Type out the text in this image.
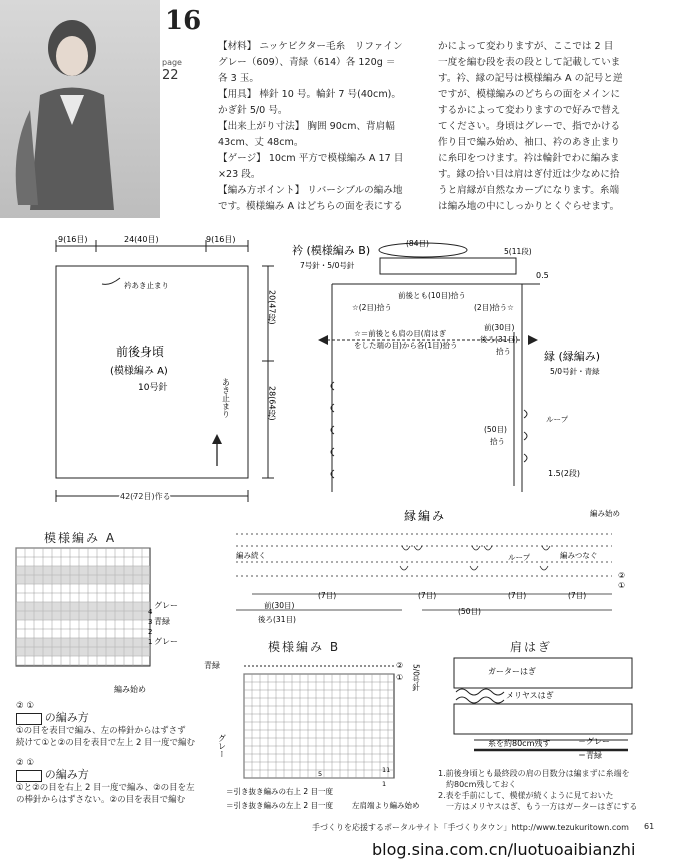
16
page
22

【材料】 ニッケビクター毛糸　リファイン

グレー（609）、青緑（614）各 120g ＝

各 3 玉。

【用具】 棒針 10 号。輪針 7 号(40cm)。

かぎ針 5/0 号。

【出来上がり寸法】 胸囲 90cm、背肩幅

43cm、丈 48cm。

【ゲージ】 10cm 平方で模様編み A 17 目

×23 段。

【編み方ポイント】 リバーシブルの編み地

です。模様編み A はどちらの面を表にする

かによって変わりますが、ここでは 2 目

一度を編む段を表の段として記載していま

す。衿、縁の記号は模様編み A の記号と逆

ですが、模様編みのどちらの面をメインに

するかによって変わりますので好みで替え

てください。身頃はグレーで、指でかける

作り目で編み始め、袖口、衿のあき止まり

に糸印をつけます。衿は輪針でわに編みま

す。縁の拾い目は肩はぎ付近は少なめに拾

うと肩縁が自然なカーブになります。糸端

は編み地の中にしっかりとくぐらせます。

9(16目)	24(40目)	9(16目)
衿あき止まり
前後身頃
(模様編み A)
10号針	あき止まり
20(47段)
28(64段)
42(72目)作る
衿 (模様編み B)
7号針・5/0号針
(84目)
5(11段)
前後とも(10目)拾う
☆(2目)拾う	(2目)拾う☆
☆＝前後とも肩の目(肩はぎ
をした端の目)から各(1目)拾う
縁 (縁編み)
5/0号針・青緑
0.5
ループ
前(30目)
後ろ(31目)
拾う
(50目)
拾う
1.5(2段)
縁編み	編み始め
編み続く	ループ	編みつなぐ
②
①
(7目)	(7目)	(7目)	(7目)
前(30目)
後ろ(31目)
(50目)
模様編み A
グレー
青緑
グレー
4
3
2
1
編み始め
② ①
の編み方
①の目を表目で編み、左の棒針からはずさず
続けて①と②の目を表目で左上 2 目一度で編む
② ①
の編み方
①と②の目を右上 2 目一度で編み、②の目を左
の棒針からはずさない。②の目を表目で編む
模様編み B
青緑
グレー
②
① 5/0号針
11
5
1
＝引き抜き編みの右上 2 目一度
＝引き抜き編みの左上 2 目一度	左肩端より編み始め
肩はぎ
ガーターはぎ
メリヤスはぎ
糸を約80cm残す	＝グレー
＝青緑
1.前後身頃とも最終段の肩の目数分は編まずに糸端を
約80cm残しておく
2.表を手前にして、模様が続くように見ておいた
一方はメリヤスはぎ、もう一方はガーターはぎにする
手づくりを応援するポータルサイト「手づくりタウン」http://www.tezukuritown.com 61
blog.sina.com.cn/luotuoaibianzhi
